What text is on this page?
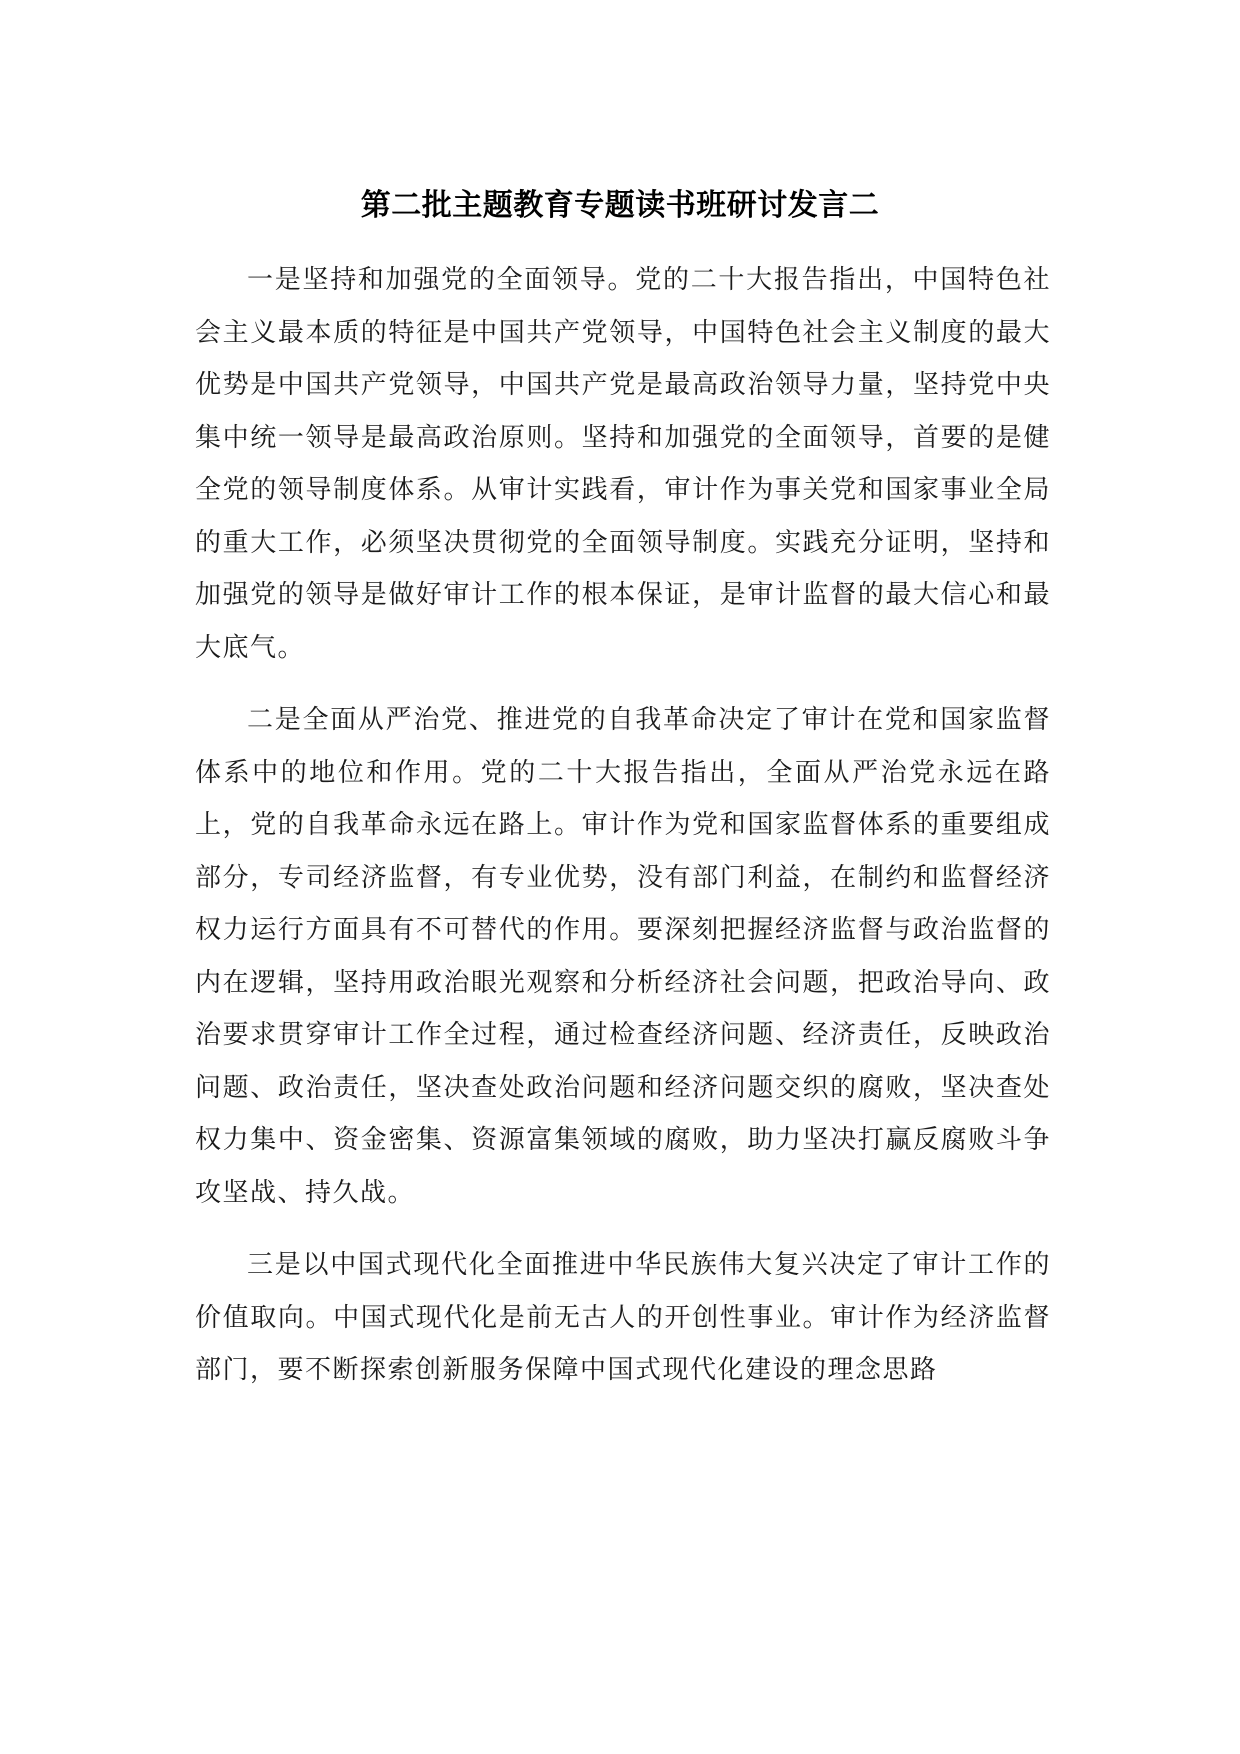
第二批主题教育专题读书班研讨发言二

一是坚持和加强党的全面领导。党的二十大报告指出，中国特色社会主义最本质的特征是中国共产党领导，中国特色社会主义制度的最大优势是中国共产党领导，中国共产党是最高政治领导力量，坚持党中央集中统一领导是最高政治原则。坚持和加强党的全面领导，首要的是健全党的领导制度体系。从审计实践看，审计作为事关党和国家事业全局的重大工作，必须坚决贯彻党的全面领导制度。实践充分证明，坚持和加强党的领导是做好审计工作的根本保证，是审计监督的最大信心和最大底气。

二是全面从严治党、推进党的自我革命决定了审计在党和国家监督体系中的地位和作用。党的二十大报告指出，全面从严治党永远在路上，党的自我革命永远在路上。审计作为党和国家监督体系的重要组成部分，专司经济监督，有专业优势，没有部门利益，在制约和监督经济权力运行方面具有不可替代的作用。要深刻把握经济监督与政治监督的内在逻辑，坚持用政治眼光观察和分析经济社会问题，把政治导向、政治要求贯穿审计工作全过程，通过检查经济问题、经济责任，反映政治问题、政治责任，坚决查处政治问题和经济问题交织的腐败，坚决查处权力集中、资金密集、资源富集领域的腐败，助力坚决打赢反腐败斗争攻坚战、持久战。

三是以中国式现代化全面推进中华民族伟大复兴决定了审计工作的价值取向。中国式现代化是前无古人的开创性事业。审计作为经济监督部门，要不断探索创新服务保障中国式现代化建设的理念思路
